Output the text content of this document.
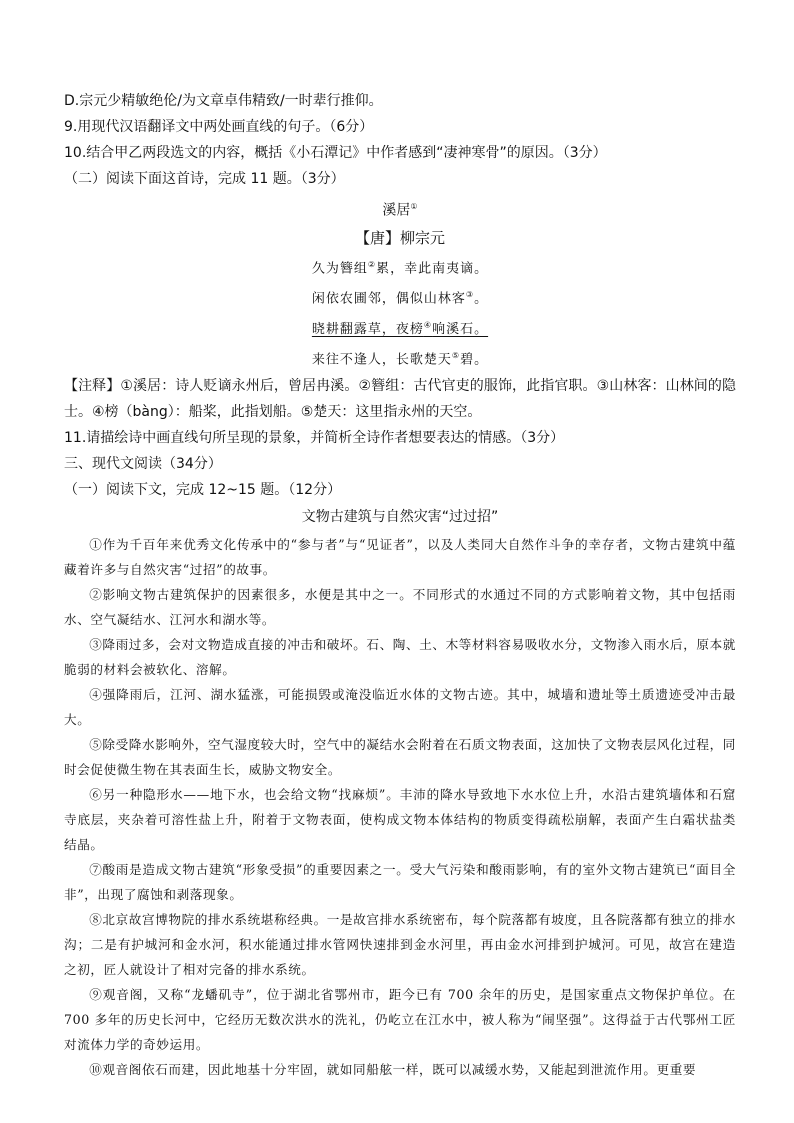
D.宗元少精敏绝伦/为文章卓伟精致/一时辈行推仰。
9.用现代汉语翻译文中两处画直线的句子。（6分）
10.结合甲乙两段选文的内容，概括《小石潭记》中作者感到“凄神寒骨”的原因。（3分）
（二）阅读下面这首诗，完成 11 题。（3分）
溪居①
【唐】柳宗元
久为簪组②累，幸此南夷谪。
闲依农圃邻，偶似山林客③。
晓耕翻露草，夜榜④响溪石。
来往不逢人，长歌楚天⑤碧。
【注释】①溪居：诗人贬谪永州后，曾居冉溪。②簪组：古代官吏的服饰，此指官职。③山林客：山林间的隐士。④榜（bàng）：船桨，此指划船。⑤楚天：这里指永州的天空。
11.请描绘诗中画直线句所呈现的景象，并简析全诗作者想要表达的情感。（3分）
三、现代文阅读（34分）
（一）阅读下文，完成 12~15 题。（12分）
文物古建筑与自然灾害“过过招”

①作为千百年来优秀文化传承中的“参与者”与“见证者”，以及人类同大自然作斗争的幸存者，文物古建筑中蕴藏着许多与自然灾害“过招”的故事。

②影响文物古建筑保护的因素很多，水便是其中之一。不同形式的水通过不同的方式影响着文物，其中包括雨水、空气凝结水、江河水和湖水等。

③降雨过多，会对文物造成直接的冲击和破坏。石、陶、土、木等材料容易吸收水分，文物渗入雨水后，原本就脆弱的材料会被软化、溶解。

④强降雨后，江河、湖水猛涨，可能损毁或淹没临近水体的文物古迹。其中，城墙和遗址等土质遗迹受冲击最大。

⑤除受降水影响外，空气湿度较大时，空气中的凝结水会附着在石质文物表面，这加快了文物表层风化过程，同时会促使微生物在其表面生长，威胁文物安全。

⑥另一种隐形水——地下水，也会给文物“找麻烦”。丰沛的降水导致地下水水位上升，水沿古建筑墙体和石窟寺底层，夹杂着可溶性盐上升，附着于文物表面，使构成文物本体结构的物质变得疏松崩解，表面产生白霜状盐类结晶。

⑦酸雨是造成文物古建筑“形象受损”的重要因素之一。受大气污染和酸雨影响，有的室外文物古建筑已“面目全非”，出现了腐蚀和剥落现象。

⑧北京故宫博物院的排水系统堪称经典。一是故宫排水系统密布，每个院落都有坡度，且各院落都有独立的排水沟；二是有护城河和金水河，积水能通过排水管网快速排到金水河里，再由金水河排到护城河。可见，故宫在建造之初，匠人就设计了相对完备的排水系统。

⑨观音阁，又称“龙蟠矶寺”，位于湖北省鄂州市，距今已有 700 余年的历史，是国家重点文物保护单位。在 700 多年的历史长河中，它经历无数次洪水的洗礼，仍屹立在江水中，被人称为“闹坚强”。这得益于古代鄂州工匠对流体力学的奇妙运用。

⑩观音阁依石而建，因此地基十分牢固，就如同船舷一样，既可以减缓水势，又能起到泄流作用。更重要
